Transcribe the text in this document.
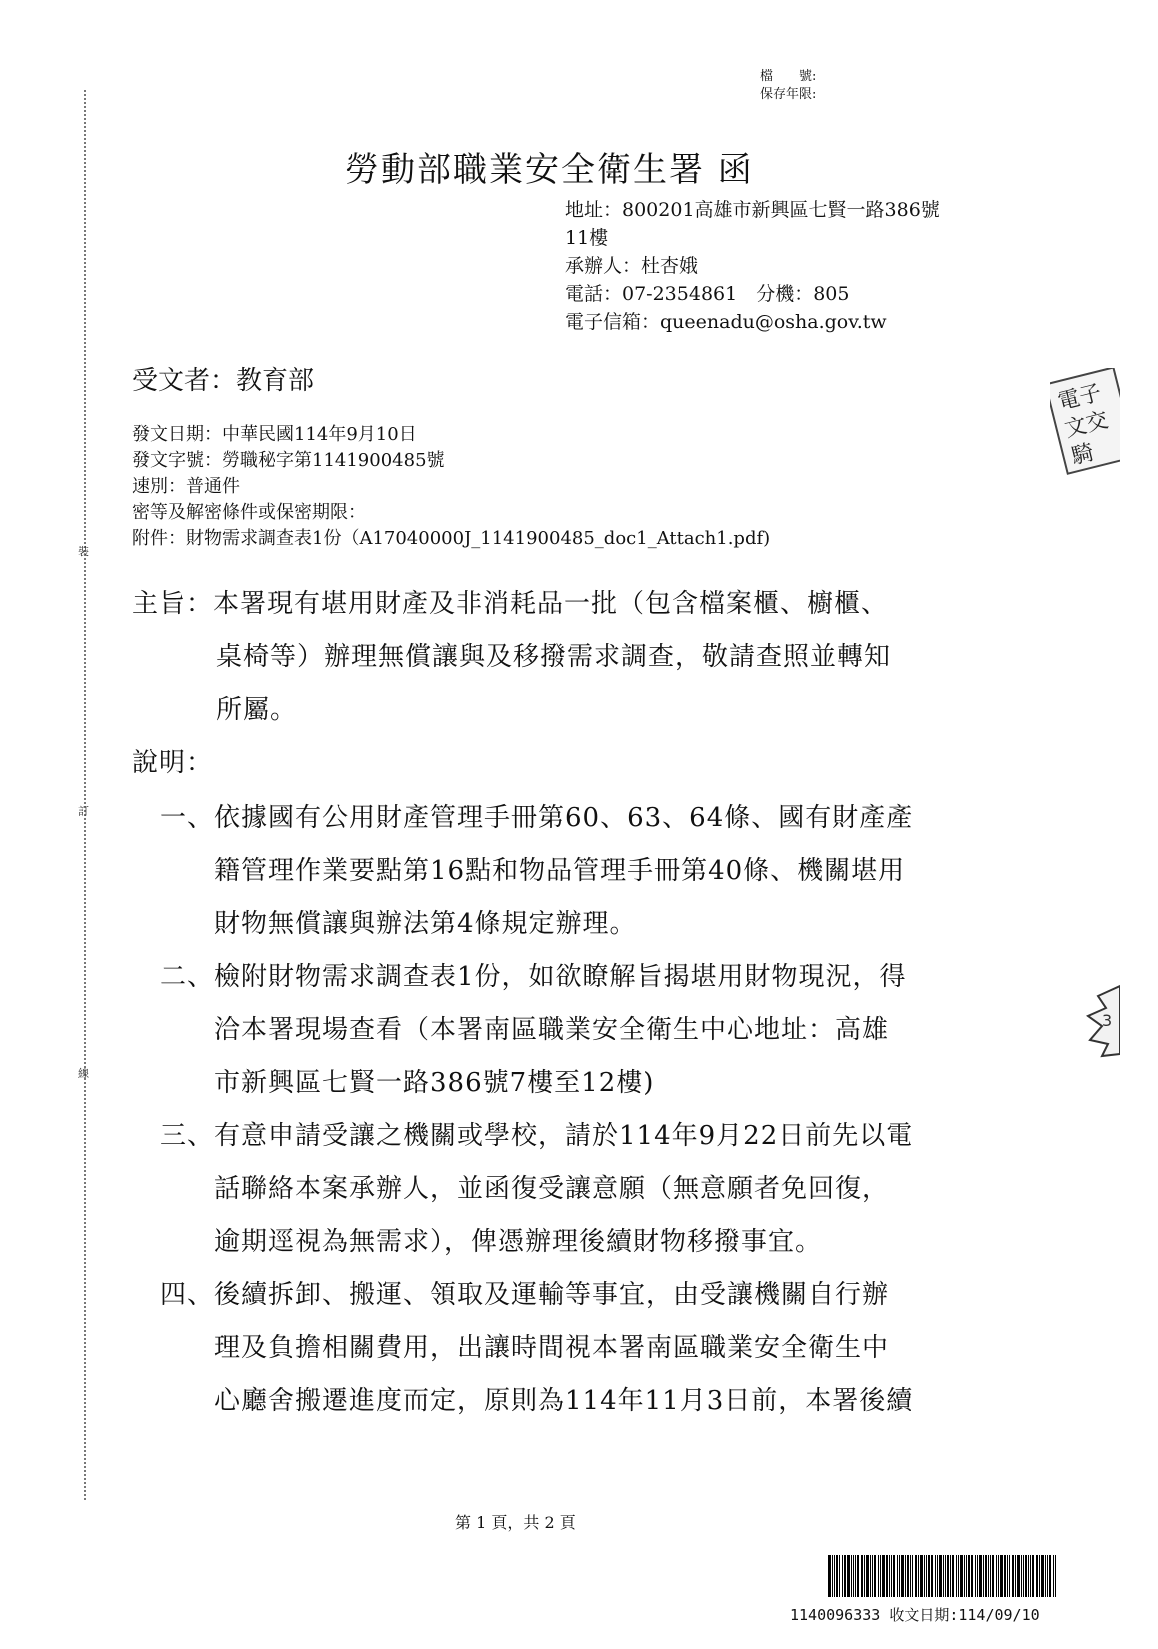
裝
訂
線
檔　　號:
保存年限:
勞動部職業安全衛生署 函
地址：800201高雄市新興區七賢一路386號
11樓
承辦人：杜杏娥
電話：07-2354861　分機：805
電子信箱：queenadu@osha.gov.tw
受文者：教育部	電子
文交
騎
發文日期：中華民國114年9月10日
發文字號：勞職秘字第1141900485號
速別：普通件
密等及解密條件或保密期限：
附件：財物需求調查表1份（A17040000J_1141900485_doc1_Attach1.pdf)
主旨：本署現有堪用財產及非消耗品一批（包含檔案櫃、櫥櫃、
桌椅等）辦理無償讓與及移撥需求調查，敬請查照並轉知
所屬。
說明：
一、依據國有公用財產管理手冊第60、63、64條、國有財產產
籍管理作業要點第16點和物品管理手冊第40條、機關堪用
財物無償讓與辦法第4條規定辦理。
二、檢附財物需求調查表1份，如欲瞭解旨揭堪用財物現況，得
洽本署現場查看（本署南區職業安全衛生中心地址：高雄
市新興區七賢一路386號7樓至12樓)
3
三、有意申請受讓之機關或學校，請於114年9月22日前先以電
話聯絡本案承辦人，並函復受讓意願（無意願者免回復，
逾期逕視為無需求），俾憑辦理後續財物移撥事宜。
四、後續拆卸、搬運、領取及運輸等事宜，由受讓機關自行辦
理及負擔相關費用，出讓時間視本署南區職業安全衛生中
心廳舍搬遷進度而定，原則為114年11月3日前，本署後續
第 1 頁，共 2 頁
1140096333 收文日期:114/09/10
